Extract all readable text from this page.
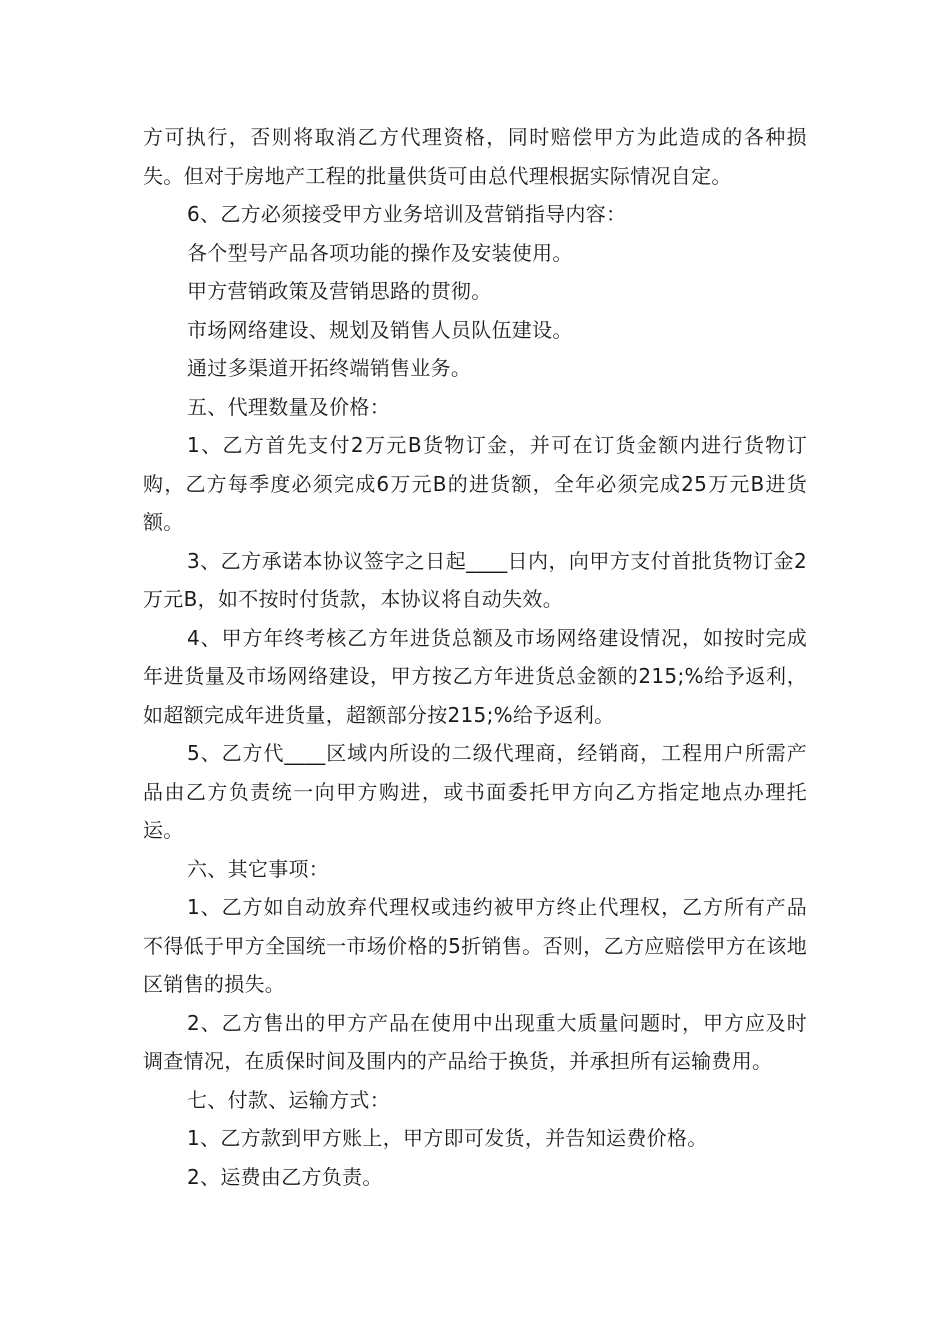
方可执行，否则将取消乙方代理资格，同时赔偿甲方为此造成的各种损失。但对于房地产工程的批量供货可由总代理根据实际情况自定。

6、乙方必须接受甲方业务培训及营销指导内容：

各个型号产品各项功能的操作及安装使用。

甲方营销政策及营销思路的贯彻。

市场网络建设、规划及销售人员队伍建设。

通过多渠道开拓终端销售业务。

五、代理数量及价格：

1、乙方首先支付2万元B货物订金，并可在订货金额内进行货物订购，乙方每季度必须完成6万元B的进货额，全年必须完成25万元B进货额。

3、乙方承诺本协议签字之日起____日内，向甲方支付首批货物订金2万元B，如不按时付货款，本协议将自动失效。

4、甲方年终考核乙方年进货总额及市场网络建设情况，如按时完成年进货量及市场网络建设，甲方按乙方年进货总金额的215;%给予返利，如超额完成年进货量，超额部分按215;%给予返利。

5、乙方代____区域内所设的二级代理商，经销商，工程用户所需产品由乙方负责统一向甲方购进，或书面委托甲方向乙方指定地点办理托运。

六、其它事项：

1、乙方如自动放弃代理权或违约被甲方终止代理权，乙方所有产品不得低于甲方全国统一市场价格的5折销售。否则，乙方应赔偿甲方在该地区销售的损失。

2、乙方售出的甲方产品在使用中出现重大质量问题时，甲方应及时调查情况，在质保时间及围内的产品给于换货，并承担所有运输费用。

七、付款、运输方式：

1、乙方款到甲方账上，甲方即可发货，并告知运费价格。

2、运费由乙方负责。
